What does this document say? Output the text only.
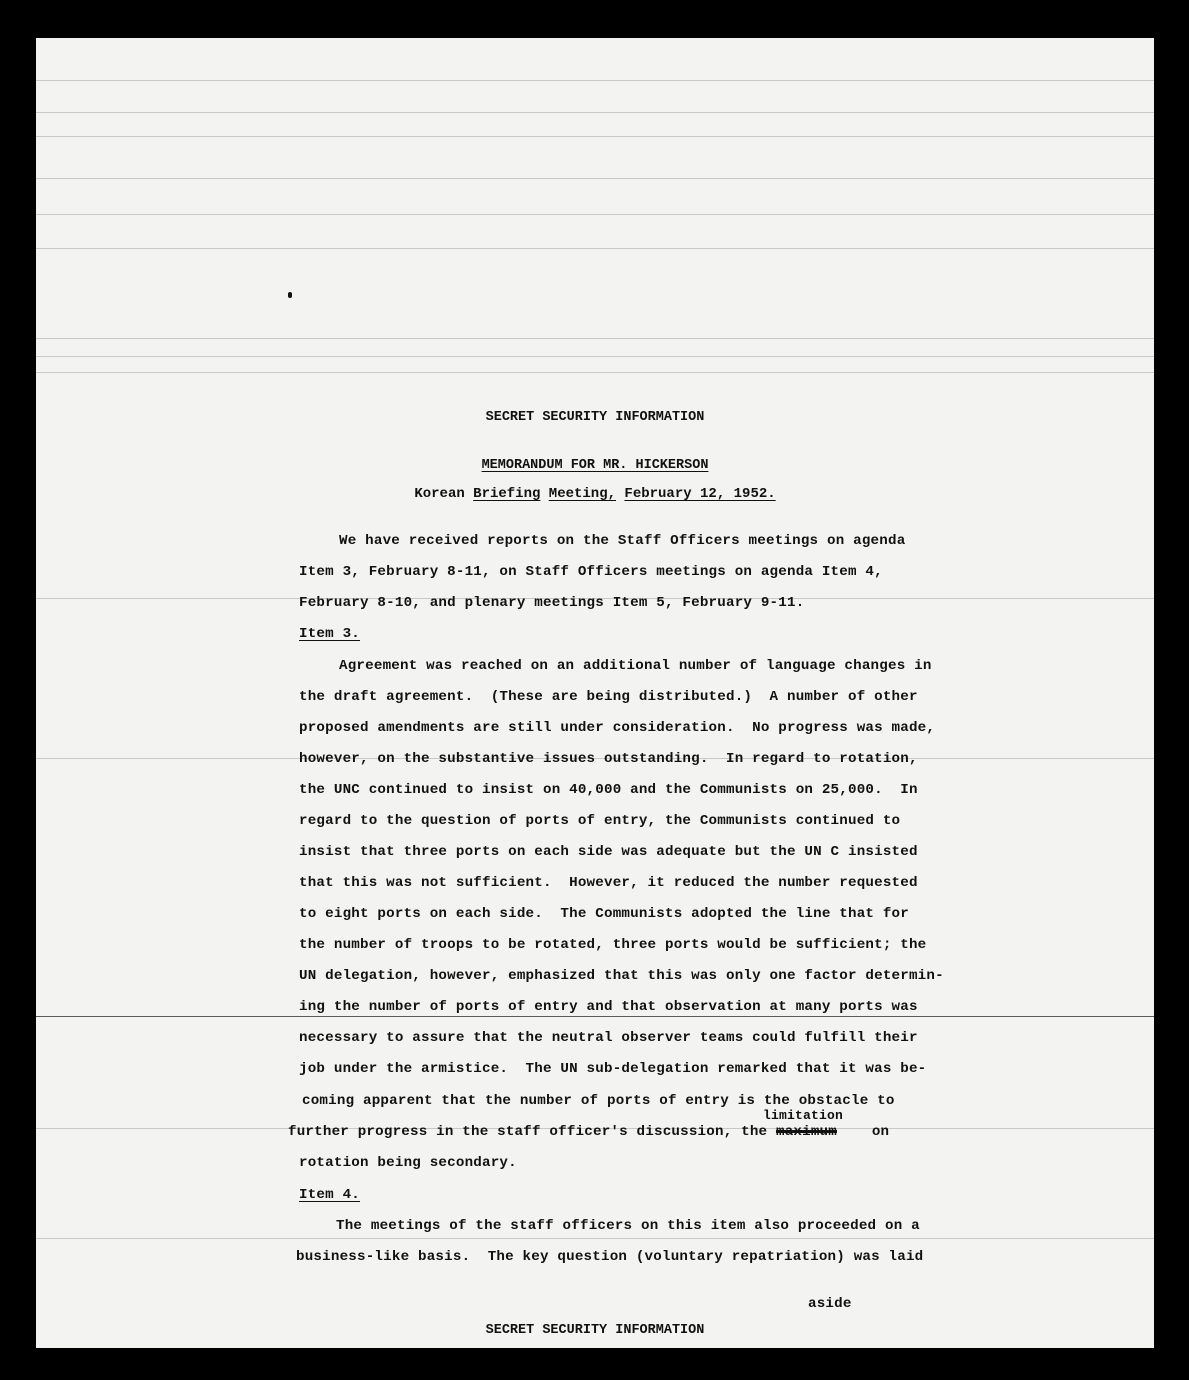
SECRET SECURITY INFORMATION
MEMORANDUM FOR MR. HICKERSON
Korean Briefing Meeting, February 12, 1952.
We have received reports on the Staff Officers meetings on agenda
Item 3, February 8-11, on Staff Officers meetings on agenda Item 4,
February 8-10, and plenary meetings Item 5, February 9-11.
Item 3.
Agreement was reached on an additional number of language changes in
the draft agreement.  (These are being distributed.)  A number of other
proposed amendments are still under consideration.  No progress was made,
however, on the substantive issues outstanding.  In regard to rotation,
the UNC continued to insist on 40,000 and the Communists on 25,000.  In
regard to the question of ports of entry, the Communists continued to
insist that three ports on each side was adequate but the UN C insisted
that this was not sufficient.  However, it reduced the number requested
to eight ports on each side.  The Communists adopted the line that for
the number of troops to be rotated, three ports would be sufficient; the
UN delegation, however, emphasized that this was only one factor determin-
ing the number of ports of entry and that observation at many ports was
necessary to assure that the neutral observer teams could fulfill their
job under the armistice.  The UN sub-delegation remarked that it was be-
coming apparent that the number of ports of entry is the obstacle to
limitation
further progress in the staff officer's discussion, the maximum on
rotation being secondary.
Item 4.
The meetings of the staff officers on this item also proceeded on a
business-like basis.  The key question (voluntary repatriation) was laid
aside
SECRET SECURITY INFORMATION
